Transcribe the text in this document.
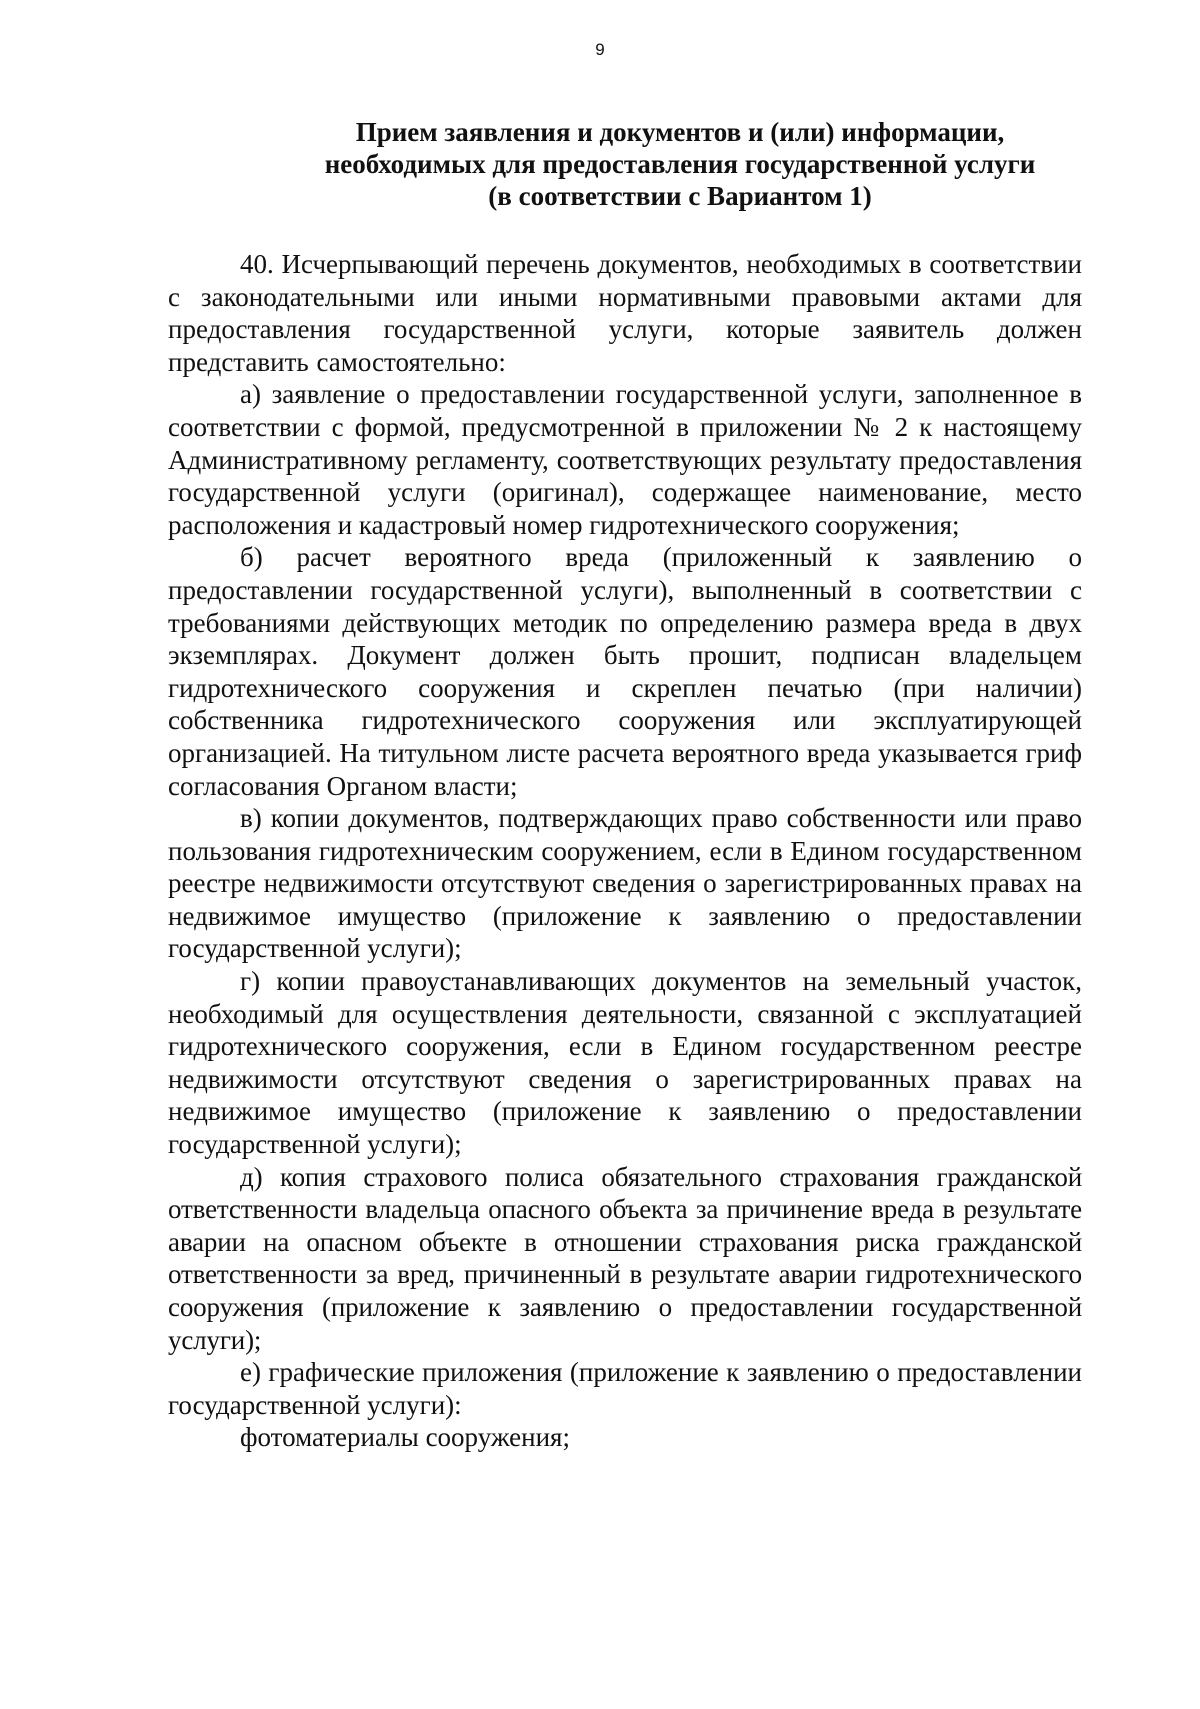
9
Прием заявления и документов и (или) информации,
необходимых для предоставления государственной услуги
(в соответствии с Вариантом 1)

40. Исчерпывающий перечень документов, необходимых в соответствии с законодательными или иными нормативными правовыми актами для предоставления государственной услуги, которые заявитель должен представить самостоятельно:

а) заявление о предоставлении государственной услуги, заполненное в соответствии с формой, предусмотренной в приложении № 2 к настоящему Административному регламенту, соответствующих результату предоставления государственной услуги (оригинал), содержащее наименование, место расположения и кадастровый номер гидротехнического сооружения;

б) расчет вероятного вреда (приложенный к заявлению о предоставлении государственной услуги), выполненный в соответствии с требованиями действующих методик по определению размера вреда в двух экземплярах. Документ должен быть прошит, подписан владельцем гидротехнического сооружения и скреплен печатью (при наличии) собственника гидротехнического сооружения или эксплуатирующей организацией. На титульном листе расчета вероятного вреда указывается гриф согласования Органом власти;

в) копии документов, подтверждающих право собственности или право пользования гидротехническим сооружением, если в Едином государственном реестре недвижимости отсутствуют сведения о зарегистрированных правах на недвижимое имущество (приложение к заявлению о предоставлении государственной услуги);

г) копии правоустанавливающих документов на земельный участок, необходимый для осуществления деятельности, связанной с эксплуатацией гидротехнического сооружения, если в Едином государственном реестре недвижимости отсутствуют сведения о зарегистрированных правах на недвижимое имущество (приложение к заявлению о предоставлении государственной услуги);

д) копия страхового полиса обязательного страхования гражданской ответственности владельца опасного объекта за причинение вреда в результате аварии на опасном объекте в отношении страхования риска гражданской ответственности за вред, причиненный в результате аварии гидротехнического сооружения (приложение к заявлению о предоставлении государственной услуги);

е) графические приложения (приложение к заявлению о предоставлении государственной услуги):

фотоматериалы сооружения;
